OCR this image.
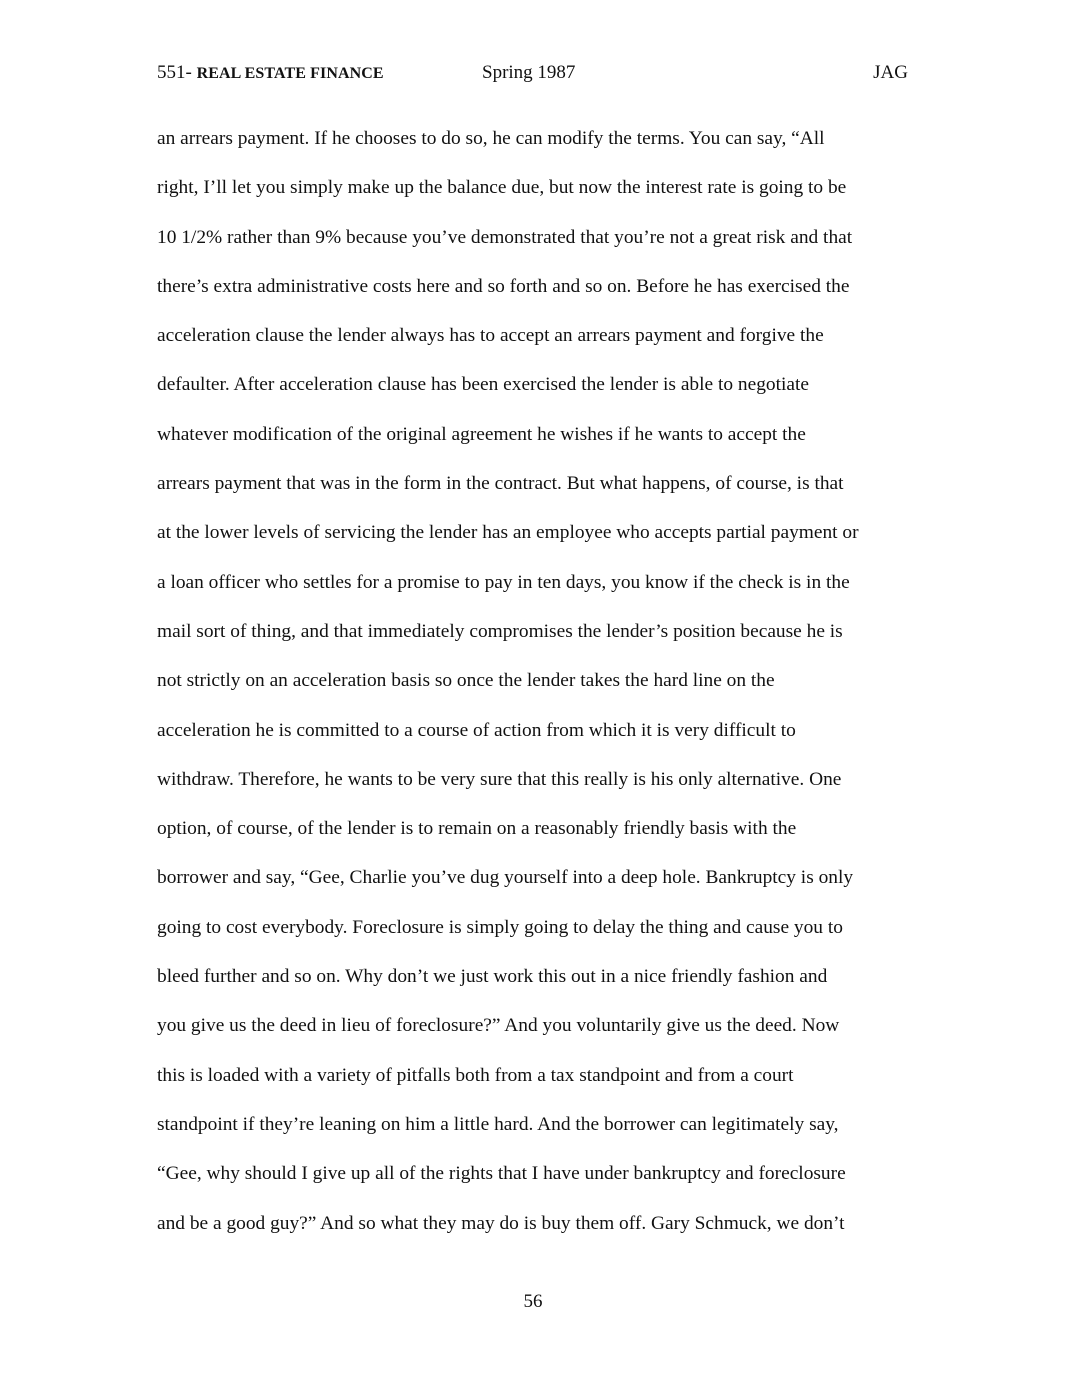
551- REAL ESTATE FINANCE	Spring 1987	JAG
an arrears payment. If he chooses to do so, he can modify the terms. You can say, “All
right, I’ll let you simply make up the balance due, but now the interest rate is going to be
10 1/2% rather than 9% because you’ve demonstrated that you’re not a great risk and that
there’s extra administrative costs here and so forth and so on. Before he has exercised the
acceleration clause the lender always has to accept an arrears payment and forgive the
defaulter. After acceleration clause has been exercised the lender is able to negotiate
whatever modification of the original agreement he wishes if he wants to accept the
arrears payment that was in the form in the contract. But what happens, of course, is that
at the lower levels of servicing the lender has an employee who accepts partial payment or
a loan officer who settles for a promise to pay in ten days, you know if the check is in the
mail sort of thing, and that immediately compromises the lender’s position because he is
not strictly on an acceleration basis so once the lender takes the hard line on the
acceleration he is committed to a course of action from which it is very difficult to
withdraw. Therefore, he wants to be very sure that this really is his only alternative. One
option, of course, of the lender is to remain on a reasonably friendly basis with the
borrower and say, “Gee, Charlie you’ve dug yourself into a deep hole. Bankruptcy is only
going to cost everybody. Foreclosure is simply going to delay the thing and cause you to
bleed further and so on. Why don’t we just work this out in a nice friendly fashion and
you give us the deed in lieu of foreclosure?” And you voluntarily give us the deed. Now
this is loaded with a variety of pitfalls both from a tax standpoint and from a court
standpoint if they’re leaning on him a little hard. And the borrower can legitimately say,
“Gee, why should I give up all of the rights that I have under bankruptcy and foreclosure
and be a good guy?” And so what they may do is buy them off. Gary Schmuck, we don’t
56
